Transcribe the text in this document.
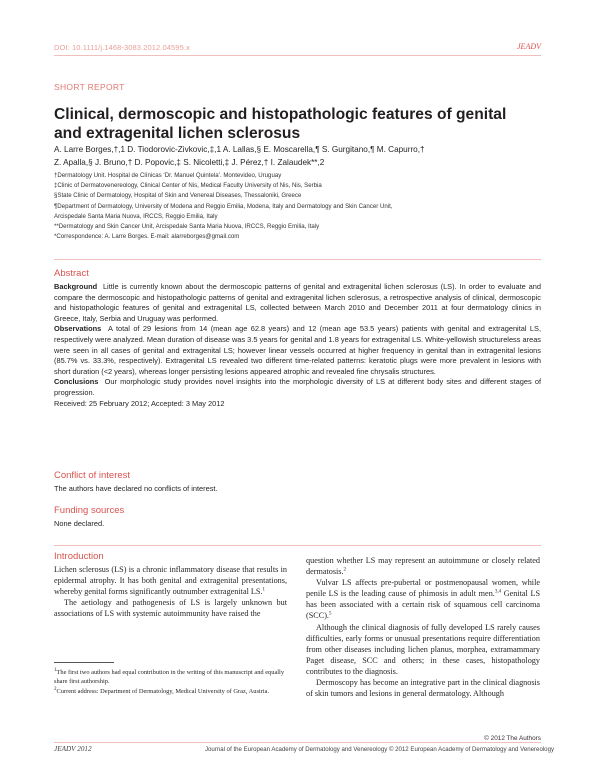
DOI: 10.1111/j.1468-3083.2012.04595.x	JEADV
SHORT REPORT
Clinical, dermoscopic and histopathologic features of genital and extragenital lichen sclerosus
A. Larre Borges,†,1 D. Tiodorovic-Zivkovic,‡,1 A. Lallas,§ E. Moscarella,¶ S. Gurgitano,¶ M. Capurro,†
Z. Apalla,§ J. Bruno,† D. Popovic,‡ S. Nicoletti,‡ J. Pérez,† I. Zalaudek**,2
†Dermatology Unit. Hospital de Clínicas ‘Dr. Manuel Quintela’. Montevideo, Uruguay
‡Clinic of Dermatovenereology, Clinical Center of Nis, Medical Faculty University of Nis, Nis, Serbia
§State Clinic of Dermatology, Hospital of Skin and Venereal Diseases, Thessaloniki, Greece
¶Department of Dermatology, University of Modena and Reggio Emilia, Modena, Italy and Dermatology and Skin Cancer Unit,
Arcispedale Santa Maria Nuova, IRCCS, Reggio Emilia, Italy
**Dermatology and Skin Cancer Unit, Arcispedale Santa Maria Nuova, IRCCS, Reggio Emilia, Italy
*Correspondence: A. Larre Borges. E-mail: alarreborges@gmail.com
Abstract
Background Little is currently known about the dermoscopic patterns of genital and extragenital lichen sclerosus (LS). In order to evaluate and compare the dermoscopic and histopathologic patterns of genital and extragenital lichen sclerosus, a retrospective analysis of clinical, dermoscopic and histopathologic features of genital and extragenital LS, collected between March 2010 and December 2011 at four dermatology clinics in Greece, Italy, Serbia and Uruguay was performed.
Observations A total of 29 lesions from 14 (mean age 62.8 years) and 12 (mean age 53.5 years) patients with genital and extragenital LS, respectively were analyzed. Mean duration of disease was 3.5 years for genital and 1.8 years for extragenital LS. White-yellowish structureless areas were seen in all cases of genital and extragenital LS; however linear vessels occurred at higher frequency in genital than in extragenital lesions (85.7% vs. 33.3%, respectively). Extragenital LS revealed two different time-related patterns: keratotic plugs were more prevalent in lesions with short duration (<2 years), whereas longer persisting lesions appeared atrophic and revealed fine chrysalis structures.
Conclusions Our morphologic study provides novel insights into the morphologic diversity of LS at different body sites and different stages of progression.
Received: 25 February 2012; Accepted: 3 May 2012
Conflict of interest
The authors have declared no conflicts of interest.
Funding sources
None declared.
Introduction

Lichen sclerosus (LS) is a chronic inflammatory disease that results in epidermal atrophy. It has both genital and extragenital presentations, whereby genital forms significantly outnumber extragenital LS.$^1$

The aetiology and pathogenesis of LS is largely unknown but associations of LS with systemic autoimmunity have raised the

question whether LS may represent an autoimmune or closely related dermatosis.$^2$

Vulvar LS affects pre-pubertal or postmenopausal women, while penile LS is the leading cause of phimosis in adult men.$^{3,4}$ Genital LS has been associated with a certain risk of squamous cell carcinoma (SCC).$^5$

Although the clinical diagnosis of fully developed LS rarely causes difficulties, early forms or unusual presentations require differentiation from other diseases including lichen planus, morphea, extramammary Paget disease, SCC and others; in these cases, histopathology contributes to the diagnosis.

Dermoscopy has become an integrative part in the clinical diagnosis of skin tumors and lesions in general dermatology. Although

$^1$The first two authors had equal contribution in the writing of this manuscript and equally share first authorship.

$^2$Current address: Department of Dermatology, Medical University of Graz, Austria.

© 2012 The Authors
JEADV 2012	Journal of the European Academy of Dermatology and Venereology © 2012 European Academy of Dermatology and Venereology
